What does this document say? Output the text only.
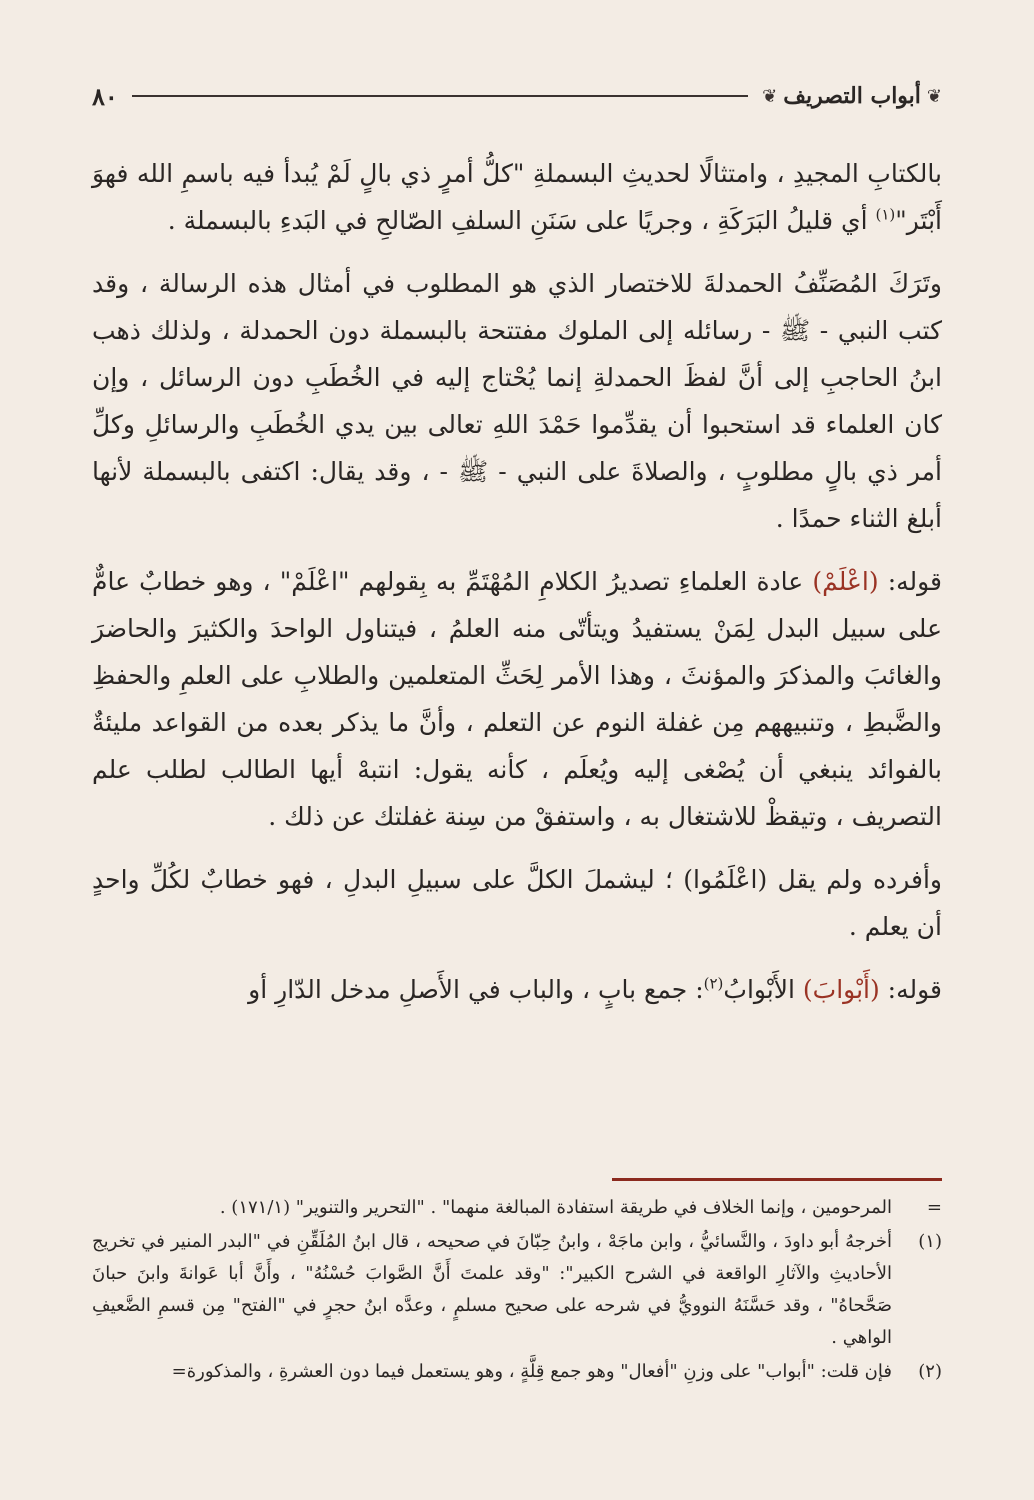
❦
أبواب التصريف
❦
٨٠

بالكتابِ المجيدِ ، وامتثالًا لحديثِ البسملةِ "كلُّ أمرٍ ذي بالٍ لَمْ يُبدأ فيه باسمِ الله فهوَ أَبْتَر"$^{(١)}$ أي قليلُ البَرَكَةِ ، وجريًا على سَنَنِ السلفِ الصّالحِ في البَدءِ بالبسملة .

وتَرَكَ المُصَنِّفُ الحمدلةَ للاختصار الذي هو المطلوب في أمثال هذه الرسالة ، وقد كتب النبي - ﷺ - رسائله إلى الملوك مفتتحة بالبسملة دون الحمدلة ، ولذلك ذهب ابنُ الحاجبِ إلى أنَّ لفظَ الحمدلةِ إنما يُحْتاج إليه في الخُطَبِ دون الرسائل ، وإن كان العلماء قد استحبوا أن يقدِّموا حَمْدَ اللهِ تعالى بين يدي الخُطَبِ والرسائلِ وكلِّ أمر ذي بالٍ مطلوبٍ ، والصلاةَ على النبي - ﷺ - ، وقد يقال: اكتفى بالبسملة لأنها أبلغ الثناء حمدًا .

قوله: (اعْلَمْ) عادة العلماءِ تصديرُ الكلامِ المُهْتَمِّ به بِقولهم "اعْلَمْ" ، وهو خطابٌ عامٌّ على سبيل البدل لِمَنْ يستفيدُ ويتأتّى منه العلمُ ، فيتناول الواحدَ والكثيرَ والحاضرَ والغائبَ والمذكرَ والمؤنثَ ، وهذا الأمر لِحَثِّ المتعلمين والطلابِ على العلمِ والحفظِ والضَّبطِ ، وتنبيههم مِن غفلة النوم عن التعلم ، وأنَّ ما يذكر بعده من القواعد مليئةٌ بالفوائد ينبغي أن يُصْغى إليه ويُعلَم ، كأنه يقول: انتبهْ أيها الطالب لطلب علم التصريف ، وتيقظْ للاشتغال به ، واستفقْ من سِنة غفلتك عن ذلك .

وأفرده ولم يقل (اعْلَمُوا) ؛ ليشملَ الكلَّ على سبيلِ البدلِ ، فهو خطابٌ لكُلِّ واحدٍ أن يعلم .

قوله: (أَبْوابَ) الأَبْوابُ$^{(٢)}$: جمع بابٍ ، والباب في الأَصلِ مدخل الدّارِ أو

=
المرحومين ، وإنما الخلاف في طريقة استفادة المبالغة منهما" . "التحرير والتنوير" (١٧١/١) .
(١)
أخرجهُ أبو داودَ ، والنَّسائيُّ ، وابن ماجَهْ ، وابنُ حِبّانَ في صحيحه ، قال ابنُ المُلَقِّنِ في "البدر المنير في تخريج الأحاديثِ والآثارِ الواقعة في الشرح الكبير": "وقد علمتَ أَنَّ الصَّوابَ حُسْنُهُ" ، وأَنَّ أبا عَوانةَ وابنَ حبانَ صَحَّحاهُ" ، وقد حَسَّنَهُ النوويُّ في شرحه على صحيح مسلمٍ ، وعدَّه ابنُ حجرٍ في "الفتح" مِن قسمِ الضَّعيفِ الواهي .
(٢)
فإن قلت: "أبواب" على وزنِ "أفعال" وهو جمع قِلَّةٍ ، وهو يستعمل فيما دون العشرةِ ، والمذكورة=
